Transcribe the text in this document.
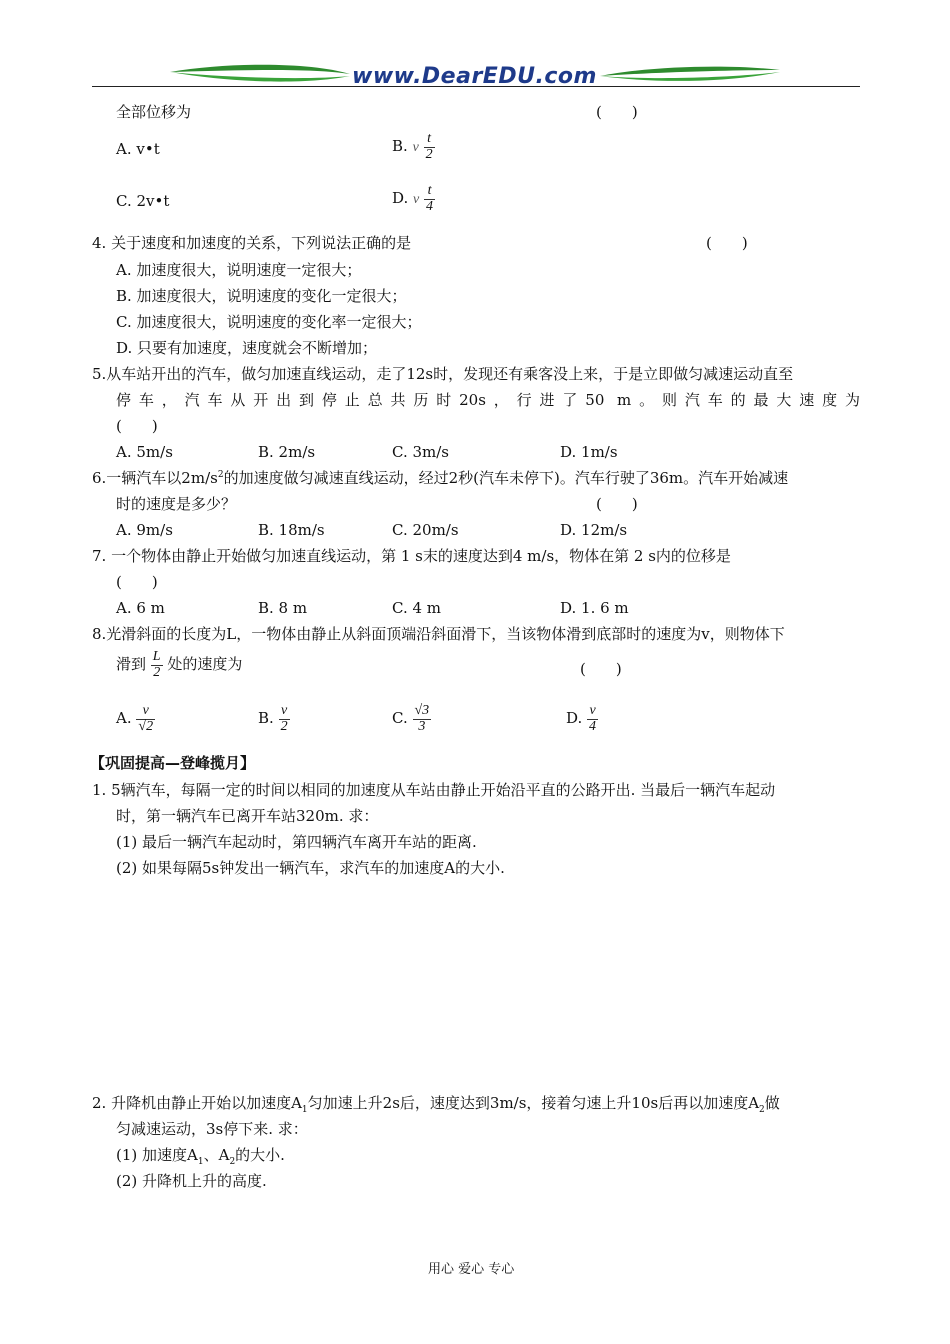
www.DearEDU.com
全部位移为	(　　)
A. v•t	B. v $\frac{t}{2}$
C. 2v•t	D. v $\frac{t}{4}$
4. 关于速度和加速度的关系，下列说法正确的是	(　　)
A. 加速度很大，说明速度一定很大；
B. 加速度很大，说明速度的变化一定很大；
C. 加速度很大，说明速度的变化率一定很大；
D. 只要有加速度，速度就会不断增加；
5.从车站开出的汽车，做匀加速直线运动，走了12s时，发现还有乘客没上来，于是立即做匀减速运动直至
停车，汽车从开出到停止总共历时20s，行进了50 m。则汽车的最大速度为
(　　)
A. 5m/s	B. 2m/s	C. 3m/s	D. 1m/s
6.一辆汽车以$2m/s^2$的加速度做匀减速直线运动，经过2秒(汽车未停下)。汽车行驶了36m。汽车开始减速
时的速度是多少？	(　　)
A. 9m/s	B. 18m/s	C. 20m/s	D. 12m/s
7. 一个物体由静止开始做匀加速直线运动，第 1 s末的速度达到4 m/s，物体在第 2 s内的位移是
(　　)
A. 6 m	B. 8 m	C. 4 m	D. 1. 6 m
8.光滑斜面的长度为L，一物体由静止从斜面顶端沿斜面滑下，当该物体滑到底部时的速度为v，则物体下
滑到 $\frac{L}{2}$ 处的速度为	(　　)
A. $\frac{v}{√2}$	B. $\frac{v}{2}$	C. $\frac{√3}{3}$	D. $\frac{v}{4}$
【巩固提高—登峰揽月】
1. 5辆汽车，每隔一定的时间以相同的加速度从车站由静止开始沿平直的公路开出. 当最后一辆汽车起动
时，第一辆汽车已离开车站320m. 求：
(1) 最后一辆汽车起动时，第四辆汽车离开车站的距离.
(2) 如果每隔5s钟发出一辆汽车，求汽车的加速度A的大小.
2. 升降机由静止开始以加速度$A_1$匀加速上升2s后，速度达到3m/s，接着匀速上升10s后再以加速度$A_2$做
匀减速运动，3s停下来. 求：
(1) 加速度$A_1$、$A_2$的大小.
(2) 升降机上升的高度.
用心 爱心 专心
